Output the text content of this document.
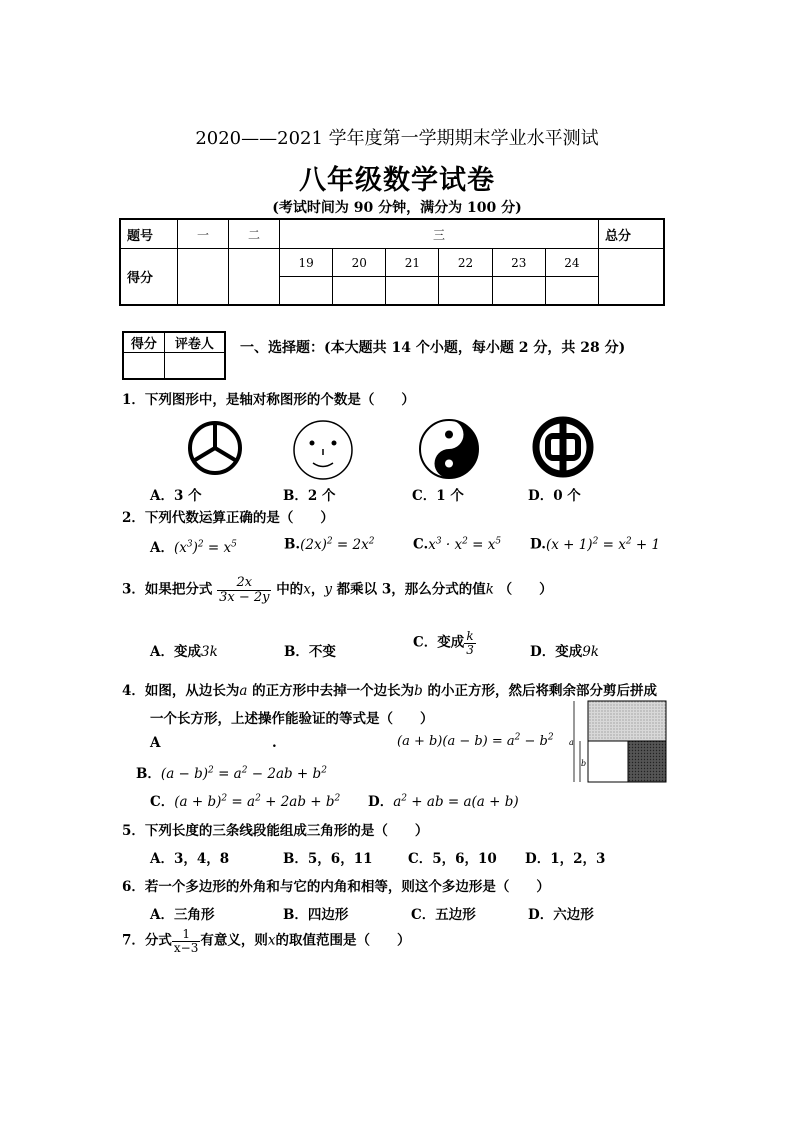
2020——2021 学年度第一学期期末学业水平测试
八年级数学试卷
(考试时间为 90 分钟，满分为 100 分)
题号	一	二	三						总分
得分			19	20	21	22	23	24	

得分	评卷人
	一、选择题：(本大题共 14 个小题，每小题 2 分，共 28 分)
1．下列图形中，是轴对称图形的个数是（　　）
A．3 个	B．2 个	C．1 个	D．0 个
2．下列代数运算正确的是（　　）
A．$(x^3)^2 = x^5$	$B.(2x)^2 = 2x^2$	$C.x^3 \cdot x^2 = x^5$ $D.(x + 1)^2 = x^2 + 1$
3．如果把分式 $\frac{2x}{3x - 2y}$ 中的x，y 都乘以 3，那么分式的值k （　　）
A．变成3k	B．不变
C．变成 $\frac{k}{3}$	D．变成9k
4．如图，从边长为a 的正方形中去掉一个边长为b 的小正方形，然后将剩余部分剪后拼成
一个长方形，上述操作能验证的等式是（　　）
A	.	$(a + b)(a - b) = a^2 - b^2$
B．$(a - b)^2 = a^2 - 2ab + b^2$
C．$(a + b)^2 = a^2 + 2ab + b^2$ D．$a^2$ + ab = a(a + b)
a
b
5．下列长度的三条线段能组成三角形的是（　　）
A．3，4，8	B．5，6，11	C．5，6，10 D．1，2，3
6．若一个多边形的外角和与它的内角和相等，则这个多边形是（　　）
A．三角形	B．四边形	C．五边形	D．六边形
7．分式 $\frac{1}{x-3}$ 有意义，则x的取值范围是（　　）
